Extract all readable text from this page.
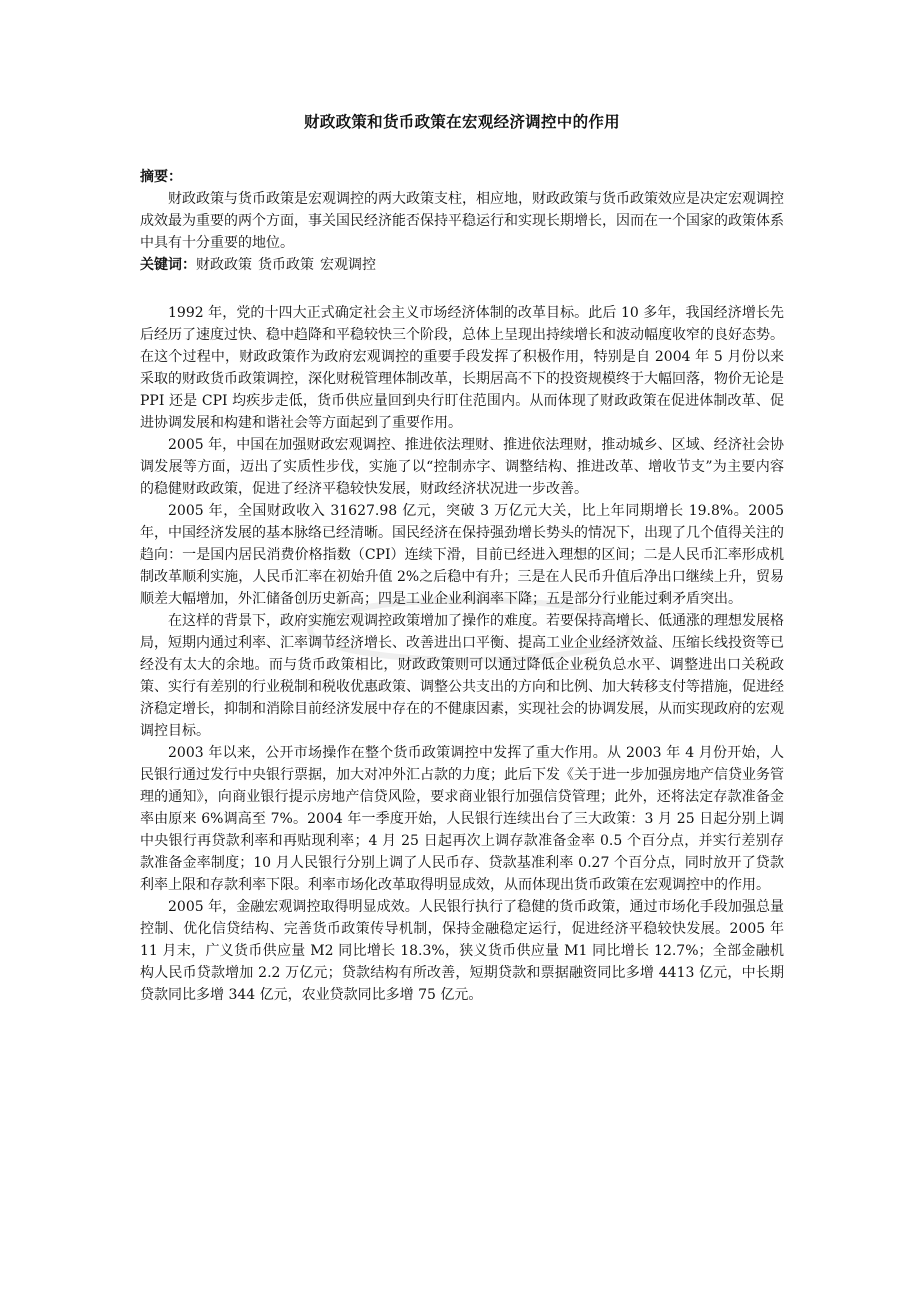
财政政策和货币政策在宏观经济调控中的作用
摘要：

财政政策与货币政策是宏观调控的两大政策支柱，相应地，财政政策与货币政策效应是决定宏观调控成效最为重要的两个方面，事关国民经济能否保持平稳运行和实现长期增长，因而在一个国家的政策体系中具有十分重要的地位。

关键词：财政政策 货币政策 宏观调控

1992 年，党的十四大正式确定社会主义市场经济体制的改革目标。此后 10 多年，我国经济增长先后经历了速度过快、稳中趋降和平稳较快三个阶段，总体上呈现出持续增长和波动幅度收窄的良好态势。在这个过程中，财政政策作为政府宏观调控的重要手段发挥了积极作用，特别是自 2004 年 5 月份以来采取的财政货币政策调控，深化财税管理体制改革，长期居高不下的投资规模终于大幅回落，物价无论是 PPI 还是 CPI 均疾步走低，货币供应量回到央行盯住范围内。从而体现了财政政策在促进体制改革、促进协调发展和构建和谐社会等方面起到了重要作用。

2005 年，中国在加强财政宏观调控、推进依法理财、推进依法理财，推动城乡、区域、经济社会协调发展等方面，迈出了实质性步伐，实施了以“控制赤字、调整结构、推进改革、增收节支”为主要内容的稳健财政政策，促进了经济平稳较快发展，财政经济状况进一步改善。

2005 年，全国财政收入 31627.98 亿元，突破 3 万亿元大关，比上年同期增长 19.8%。2005 年，中国经济发展的基本脉络已经清晰。国民经济在保持强劲增长势头的情况下，出现了几个值得关注的趋向：一是国内居民消费价格指数（CPI）连续下滑，目前已经进入理想的区间；二是人民币汇率形成机制改革顺利实施，人民币汇率在初始升值 2%之后稳中有升；三是在人民币升值后净出口继续上升，贸易顺差大幅增加，外汇储备创历史新高；四是工业企业利润率下降；五是部分行业能过剩矛盾突出。

在这样的背景下，政府实施宏观调控政策增加了操作的难度。若要保持高增长、低通涨的理想发展格局，短期内通过利率、汇率调节经济增长、改善进出口平衡、提高工业企业经济效益、压缩长线投资等已经没有太大的余地。而与货币政策相比，财政政策则可以通过降低企业税负总水平、调整进出口关税政策、实行有差别的行业税制和税收优惠政策、调整公共支出的方向和比例、加大转移支付等措施，促进经济稳定增长，抑制和消除目前经济发展中存在的不健康因素，实现社会的协调发展，从而实现政府的宏观调控目标。

2003 年以来，公开市场操作在整个货币政策调控中发挥了重大作用。从 2003 年 4 月份开始，人民银行通过发行中央银行票据，加大对冲外汇占款的力度；此后下发《关于进一步加强房地产信贷业务管理的通知》，向商业银行提示房地产信贷风险，要求商业银行加强信贷管理；此外，还将法定存款准备金率由原来 6%调高至 7%。2004 年一季度开始，人民银行连续出台了三大政策：3 月 25 日起分别上调中央银行再贷款利率和再贴现利率；4 月 25 日起再次上调存款准备金率 0.5 个百分点，并实行差别存款准备金率制度；10 月人民银行分别上调了人民币存、贷款基准利率 0.27 个百分点，同时放开了贷款利率上限和存款利率下限。利率市场化改革取得明显成效，从而体现出货币政策在宏观调控中的作用。

2005 年，金融宏观调控取得明显成效。人民银行执行了稳健的货币政策，通过市场化手段加强总量控制、优化信贷结构、完善货币政策传导机制，保持金融稳定运行，促进经济平稳较快发展。2005 年 11 月末，广义货币供应量 M2 同比增长 18.3%，狭义货币供应量 M1 同比增长 12.7%；全部金融机构人民币贷款增加 2.2 万亿元；贷款结构有所改善，短期贷款和票据融资同比多增 4413 亿元，中长期贷款同比多增 344 亿元，农业贷款同比多增 75 亿元。
